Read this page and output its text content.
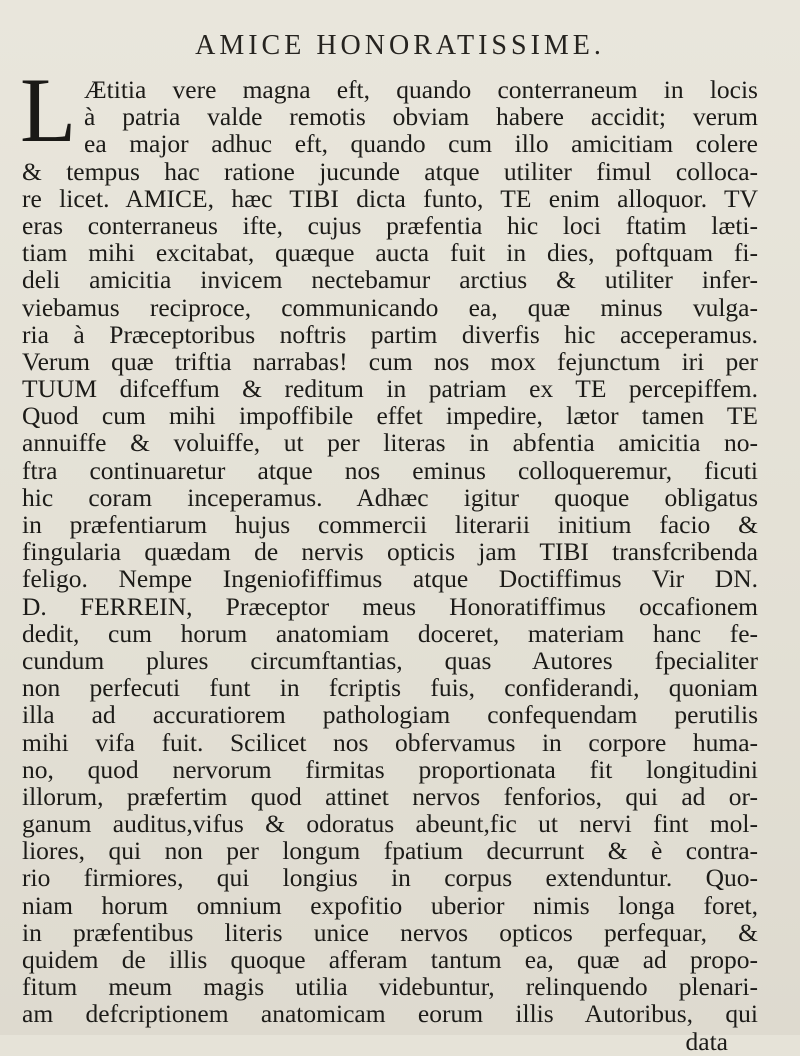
AMICE HONORATISSIME.
L Ætitia vere magna eft, quando conterraneum in locis
à patria valde remotis obviam habere accidit; verum
ea major adhuc eft, quando cum illo amicitiam colere
& tempus hac ratione jucunde atque utiliter fimul colloca-
re licet. AMICE, hæc TIBI dicta funto, TE enim alloquor. TV
eras conterraneus ifte, cujus præfentia hic loci ftatim læti-
tiam mihi excitabat, quæque aucta fuit in dies, poftquam fi-
deli amicitia invicem nectebamur arctius & utiliter infer-
viebamus reciproce, communicando ea, quæ minus vulga-
ria à Præceptoribus noftris partim diverfis hic acceperamus.
Verum quæ triftia narrabas! cum nos mox fejunctum iri per
TUUM difceffum & reditum in patriam ex TE percepiffem.
Quod cum mihi impoffibile effet impedire, lætor tamen TE
annuiffe & voluiffe, ut per literas in abfentia amicitia no-
ftra continuaretur atque nos eminus colloqueremur, ficuti
hic coram inceperamus. Adhæc igitur quoque obligatus
in præfentiarum hujus commercii literarii initium facio &
fingularia quædam de nervis opticis jam TIBI transfcribenda
feligo. Nempe Ingeniofiffimus atque Doctiffimus Vir DN.
D. FERREIN, Præceptor meus Honoratiffimus occafionem
dedit, cum horum anatomiam doceret, materiam hanc fe-
cundum plures circumftantias, quas Autores fpecialiter
non perfecuti funt in fcriptis fuis, confiderandi, quoniam
illa ad accuratiorem pathologiam confequendam perutilis
mihi vifa fuit. Scilicet nos obfervamus in corpore huma-
no, quod nervorum firmitas proportionata fit longitudini
illorum, præfertim quod attinet nervos fenforios, qui ad or-
ganum auditus,vifus & odoratus abeunt,fic ut nervi fint mol-
liores, qui non per longum fpatium decurrunt & è contra-
rio firmiores, qui longius in corpus extenduntur. Quo-
niam horum omnium expofitio uberior nimis longa foret,
in præfentibus literis unice nervos opticos perfequar, &
quidem de illis quoque afferam tantum ea, quæ ad propo-
fitum meum magis utilia videbuntur, relinquendo plenari-
am defcriptionem anatomicam eorum illis Autoribus, qui
data
